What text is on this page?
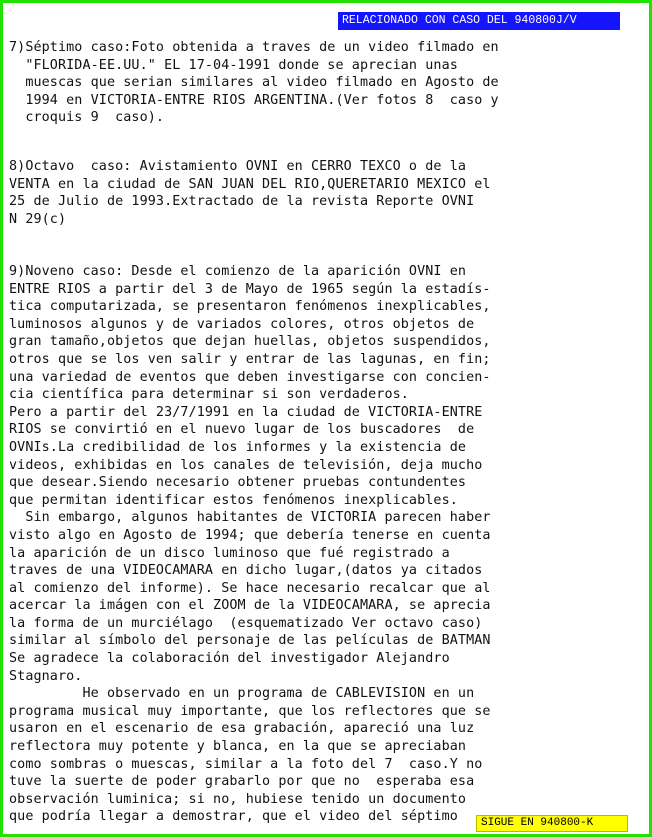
RELACIONADO CON CASO DEL 940800J/V
7)Séptimo caso:Foto obtenida a traves de un video filmado en
"FLORIDA-EE.UU." EL 17-04-1991 donde se aprecian unas
muescas que serian similares al video filmado en Agosto de
1994 en VICTORIA-ENTRE RIOS ARGENTINA.(Ver fotos 8  caso y
croquis 9  caso).
8)Octavo  caso: Avistamiento OVNI en CERRO TEXCO o de la
VENTA en la ciudad de SAN JUAN DEL RIO,QUERETARIO MEXICO el
25 de Julio de 1993.Extractado de la revista Reporte OVNI
N 29(c)
9)Noveno caso: Desde el comienzo de la aparición OVNI en
ENTRE RIOS a partir del 3 de Mayo de 1965 según la estadís-
tica computarizada, se presentaron fenómenos inexplicables,
luminosos algunos y de variados colores, otros objetos de
gran tamaño,objetos que dejan huellas, objetos suspendidos,
otros que se los ven salir y entrar de las lagunas, en fin;
una variedad de eventos que deben investigarse con concien-
cia científica para determinar si son verdaderos.
Pero a partir del 23/7/1991 en la ciudad de VICTORIA-ENTRE
RIOS se convirtió en el nuevo lugar de los buscadores  de
OVNIs.La credibilidad de los informes y la existencia de
videos, exhibidas en los canales de televisión, deja mucho
que desear.Siendo necesario obtener pruebas contundentes
que permitan identificar estos fenómenos inexplicables.
Sin embargo, algunos habitantes de VICTORIA parecen haber
visto algo en Agosto de 1994; que debería tenerse en cuenta
la aparición de un disco luminoso que fué registrado a
traves de una VIDEOCAMARA en dicho lugar,(datos ya citados
al comienzo del informe). Se hace necesario recalcar que al
acercar la imágen con el ZOOM de la VIDEOCAMARA, se aprecia
la forma de un murciélago  (esquematizado Ver octavo caso)
similar al símbolo del personaje de las películas de BATMAN
Se agradece la colaboración del investigador Alejandro
Stagnaro.
He observado en un programa de CABLEVISION en un
programa musical muy importante, que los reflectores que se
usaron en el escenario de esa grabación, apareció una luz
reflectora muy potente y blanca, en la que se apreciaban
como sombras o muescas, similar a la foto del 7  caso.Y no
tuve la suerte de poder grabarlo por que no  esperaba esa
observación luminica; si no, hubiese tenido un documento
que podría llegar a demostrar, que el video del séptimo	SIGUE EN 940800-K
